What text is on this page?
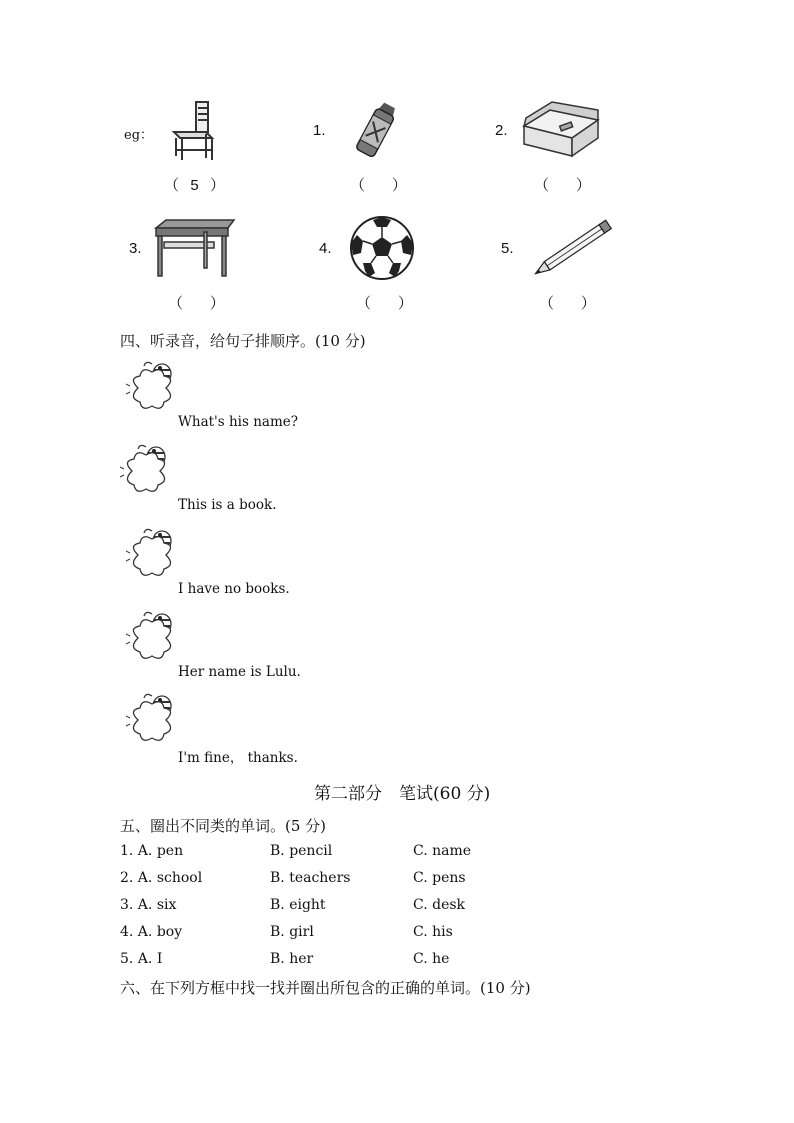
eg：
（  5  ）
1.
（     ）
2.
（     ）
3.
（     ）
4.
（     ）
5.
（     ）
四、听录音，给句子排顺序。(10 分)
What's his name?
This is a book.
I have no books.
Her name is Lulu.
I'm fine， thanks.
第二部分　笔试(60 分)
五、圈出不同类的单词。(5 分)
1. A. pen	B. pencil	C. name
2. A. school	B. teachers	C. pens
3. A. six	B. eight	C. desk
4. A. boy	B. girl	C. his
5. A. I	B. her	C. he
六、在下列方框中找一找并圈出所包含的正确的单词。(10 分)
